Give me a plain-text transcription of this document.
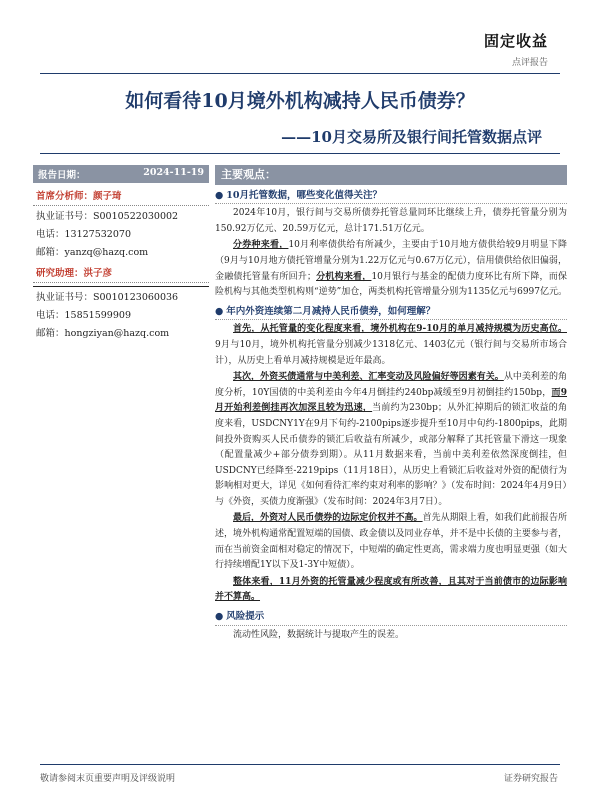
固定收益
点评报告
如何看待10月境外机构减持人民币债券？
——10月交易所及银行间托管数据点评
报告日期：	2024-11-19
首席分析师：颜子琦
执业证书号：S0010522030002
电话：13127532070
邮箱：yanzq@hazq.com
研究助理：洪子彦
执业证书号：S0010123060036
电话：15851599909
邮箱：hongziyan@hazq.com
主要观点：
● 10月托管数据，哪些变化值得关注？

2024年10月，银行间与交易所债券托管总量同环比继续上升，债券托管量分别为150.92万亿元、20.59万亿元，总计171.51万亿元。

分券种来看，10月利率债供给有所减少，主要由于10月地方债供给较9月明显下降（9月与10月地方债托管增量分别为1.22万亿元与0.67万亿元），信用债供给依旧偏弱，金融债托管量有所回升；分机构来看，10月银行与基金的配债力度环比有所下降，而保险机构与其他类型机构则“逆势”加仓，两类机构托管增量分别为1135亿元与6997亿元。

● 年内外资连续第二月减持人民币债券，如何理解？

首先，从托管量的变化程度来看，境外机构在9-10月的单月减持规模为历史高位。9月与10月，境外机构托管量分别减少1318亿元、1403亿元（银行间与交易所市场合计），从历史上看单月减持规模是近年最高。

其次，外资买债通常与中美利差、汇率变动及风险偏好等因素有关。从中美利差的角度分析，10Y国债的中美利差由今年4月倒挂约240bp减缓至9月初倒挂约150bp，而9月开始利差倒挂再次加深且较为迅速，当前约为230bp；从外汇掉期后的锁汇收益的角度来看，USDCNY1Y在9月下旬约-2100pips逐步提升至10月中旬约-1800pips，此期间投外资购买人民币债券的锁汇后收益有所减少，或部分解释了其托管量下滑这一现象（配置量减少+部分债券到期）。从11月数据来看，当前中美利差依然深度倒挂，但USDCNY已经降至-2219pips（11月18日），从历史上看锁汇后收益对外资的配债行为影响相对更大，详见《如何看待汇率约束对利率的影响？》（发布时间：2024年4月9日）与《外资，买债力度渐强》（发布时间：2024年3月7日）。

最后，外资对人民币债券的边际定价权并不高。首先从期限上看，如我们此前报告所述，境外机构通常配置短端的国债、政金债以及同业存单，并不是中长债的主要参与者，而在当前资金面相对稳定的情况下，中短端的确定性更高，需求端力度也明显更强（如大行持续增配1Y以下及1-3Y中短债）。

整体来看，11月外资的托管量减少程度或有所改善，且其对于当前债市的边际影响并不算高。

● 风险提示

流动性风险，数据统计与提取产生的误差。

敬请参阅末页重要声明及评级说明	证券研究报告
